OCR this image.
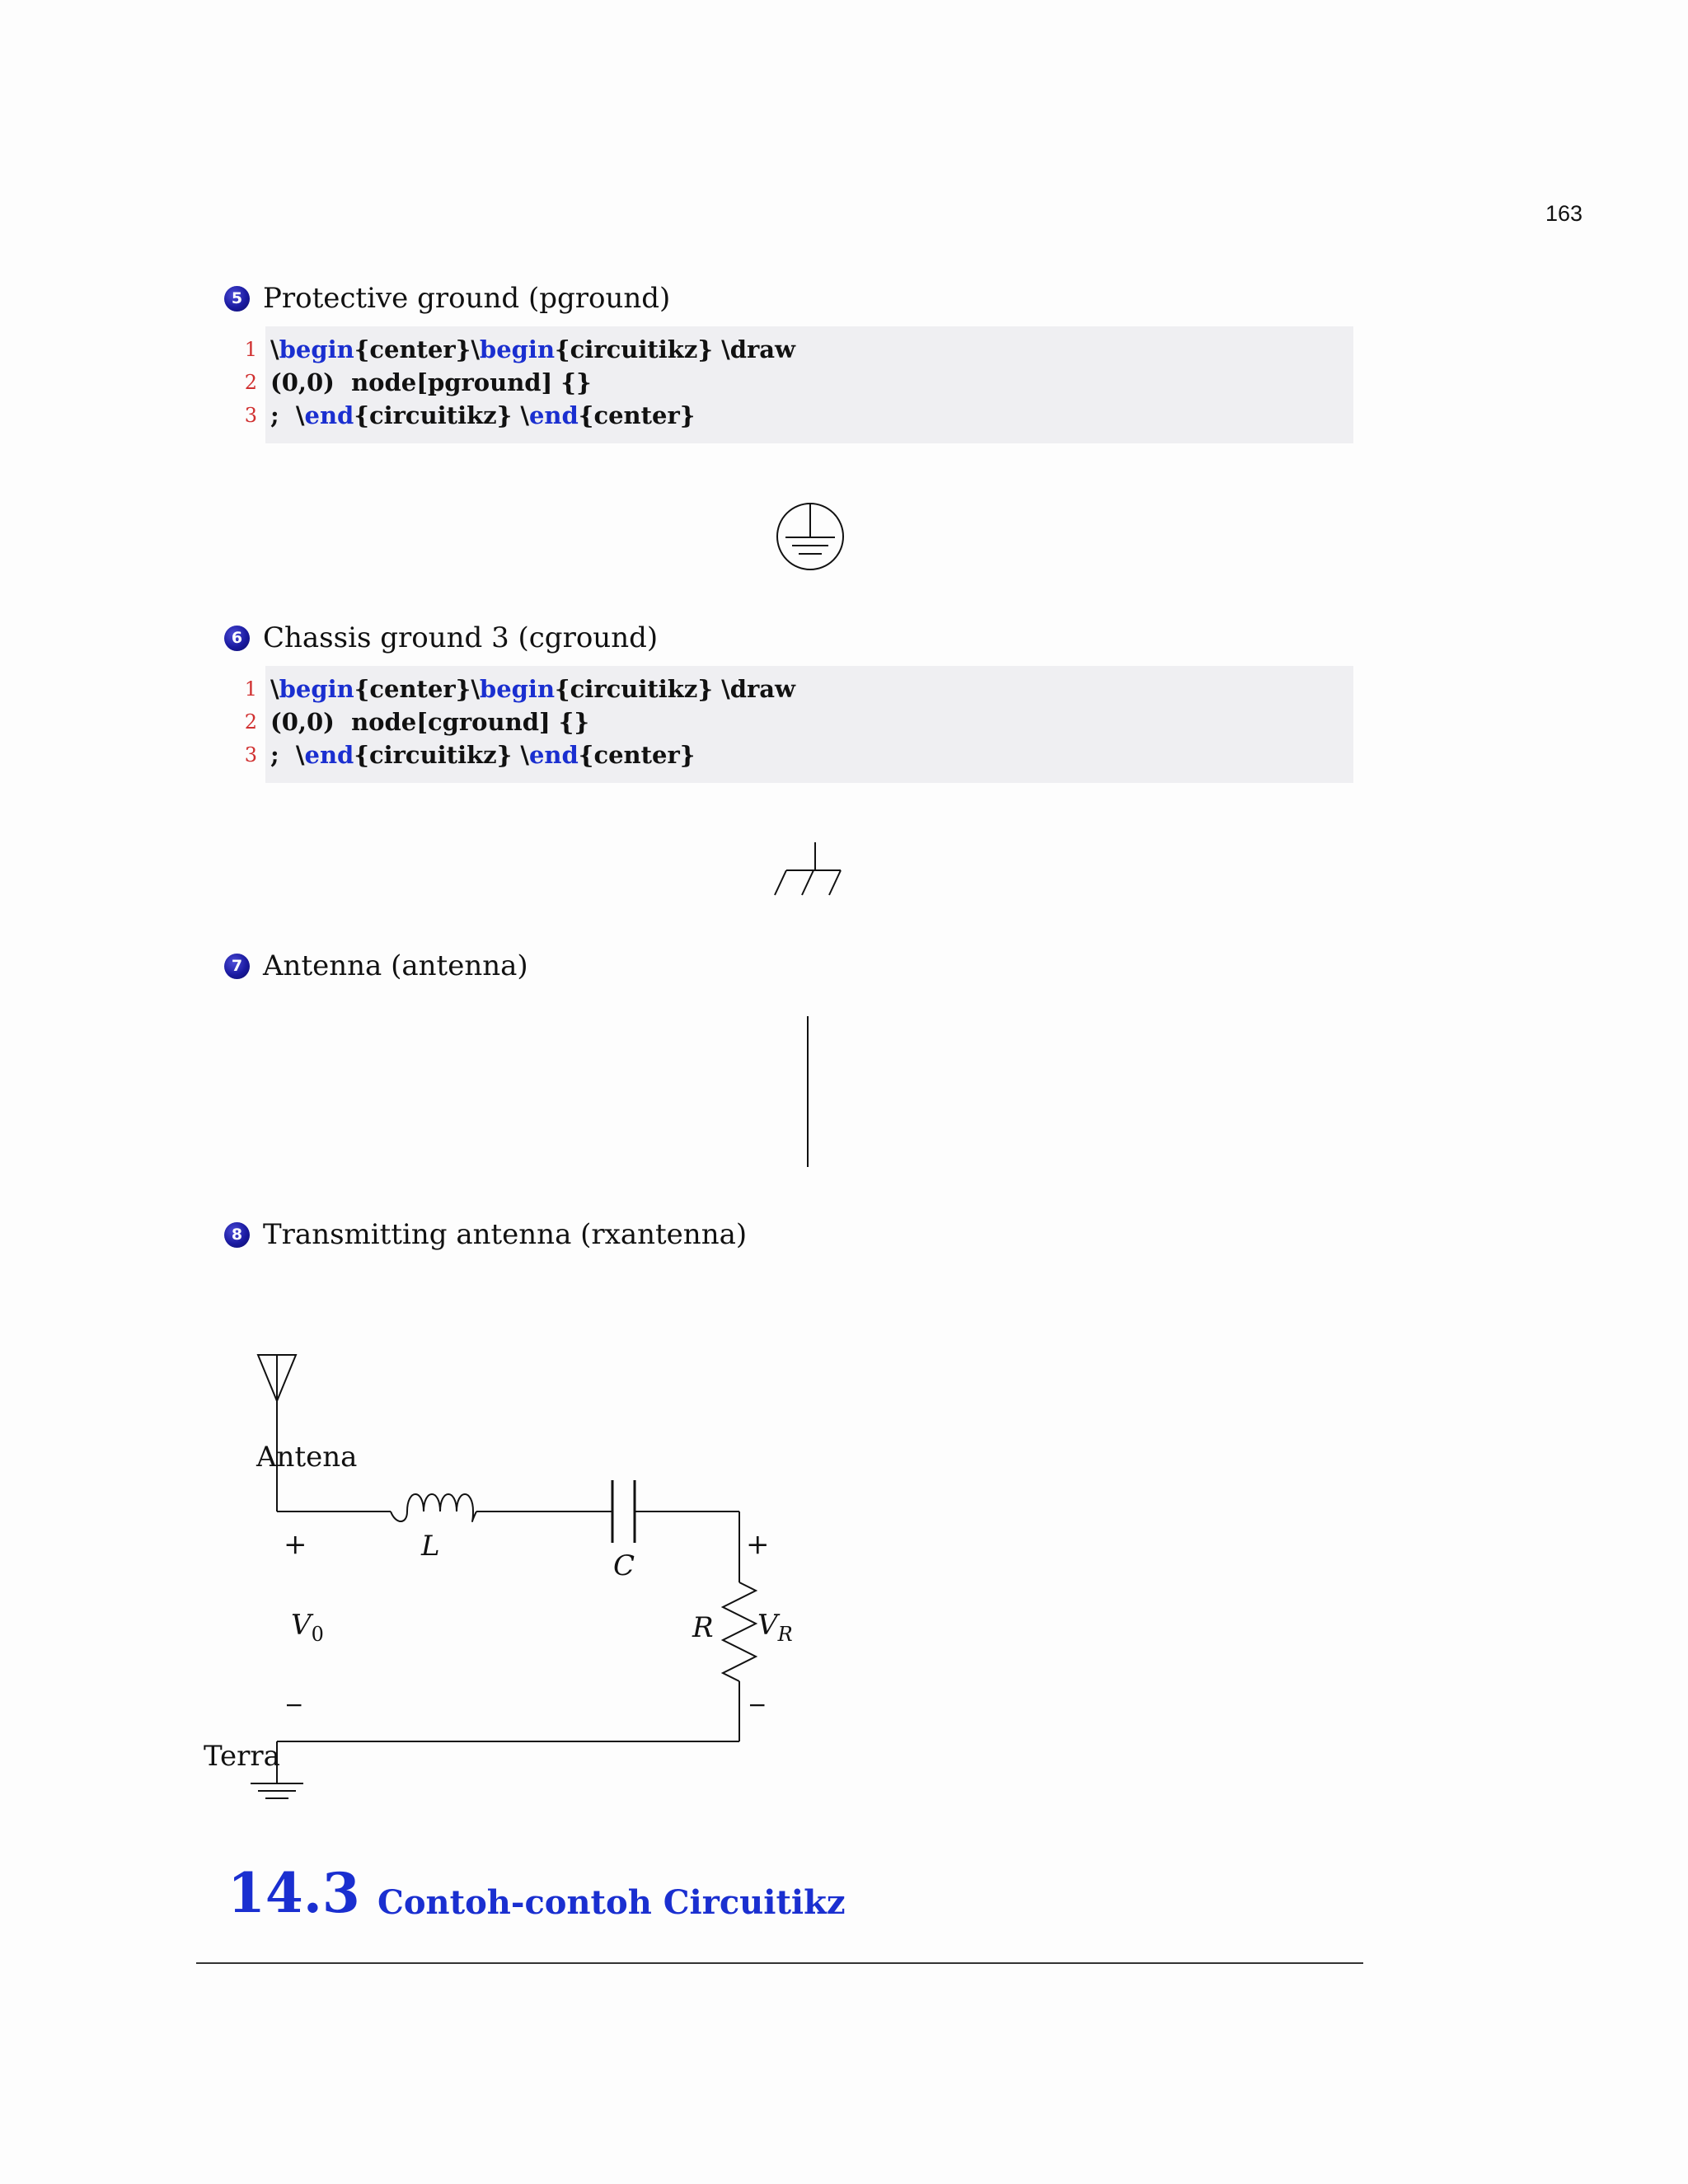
163
5 Protective ground (pground)
1 \ begin {center}\ begin {circuitikz} \draw
2 (0,0)  node[pground] {}
3 ;  \ end {circuitikz} \ end {center}
6 Chassis ground 3 (cground)
1 \ begin {center}\ begin {circuitikz} \draw
2 (0,0)  node[cground] {}
3 ;  \ end {circuitikz} \ end {center}
7 Antenna (antenna)
8 Transmitting antenna (rxantenna)
Antena
Terra
L
C
R
+
−
+
−
$V_0$	$V_R$
14.3 Contoh-contoh Circuitikz
